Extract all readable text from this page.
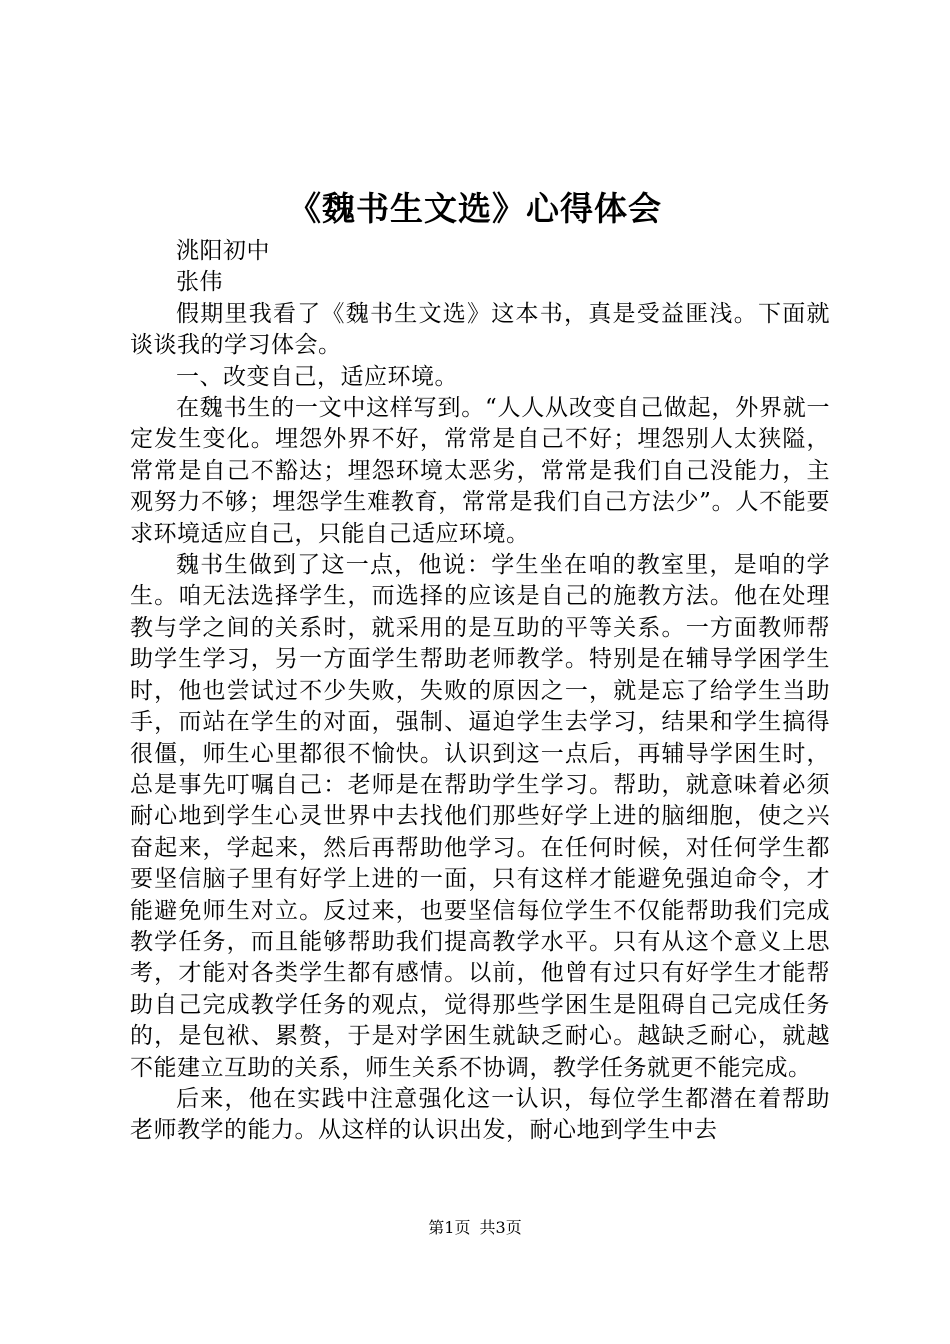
《魏书生文选》心得体会

洮阳初中

张伟

假期里我看了《魏书生文选》这本书，真是受益匪浅。下面就谈谈我的学习体会。

一、改变自己，适应环境。

在魏书生的一文中这样写到。“人人从改变自己做起，外界就一定发生变化。埋怨外界不好，常常是自己不好；埋怨别人太狭隘，常常是自己不豁达；埋怨环境太恶劣，常常是我们自己没能力，主观努力不够；埋怨学生难教育，常常是我们自己方法少”。人不能要求环境适应自己，只能自己适应环境。

魏书生做到了这一点，他说：学生坐在咱的教室里，是咱的学生。咱无法选择学生，而选择的应该是自己的施教方法。他在处理教与学之间的关系时，就采用的是互助的平等关系。一方面教师帮助学生学习，另一方面学生帮助老师教学。特别是在辅导学困学生时，他也尝试过不少失败，失败的原因之一，就是忘了给学生当助手，而站在学生的对面，强制、逼迫学生去学习，结果和学生搞得很僵，师生心里都很不愉快。认识到这一点后，再辅导学困生时，总是事先叮嘱自己：老师是在帮助学生学习。帮助，就意味着必须耐心地到学生心灵世界中去找他们那些好学上进的脑细胞，使之兴奋起来，学起来，然后再帮助他学习。在任何时候，对任何学生都要坚信脑子里有好学上进的一面，只有这样才能避免强迫命令，才能避免师生对立。反过来，也要坚信每位学生不仅能帮助我们完成教学任务，而且能够帮助我们提高教学水平。只有从这个意义上思考，才能对各类学生都有感情。以前，他曾有过只有好学生才能帮助自己完成教学任务的观点，觉得那些学困生是阻碍自己完成任务的，是包袱、累赘，于是对学困生就缺乏耐心。越缺乏耐心，就越不能建立互助的关系，师生关系不协调，教学任务就更不能完成。

后来，他在实践中注意强化这一认识，每位学生都潜在着帮助老师教学的能力。从这样的认识出发，耐心地到学生中去

第1页 共3页
